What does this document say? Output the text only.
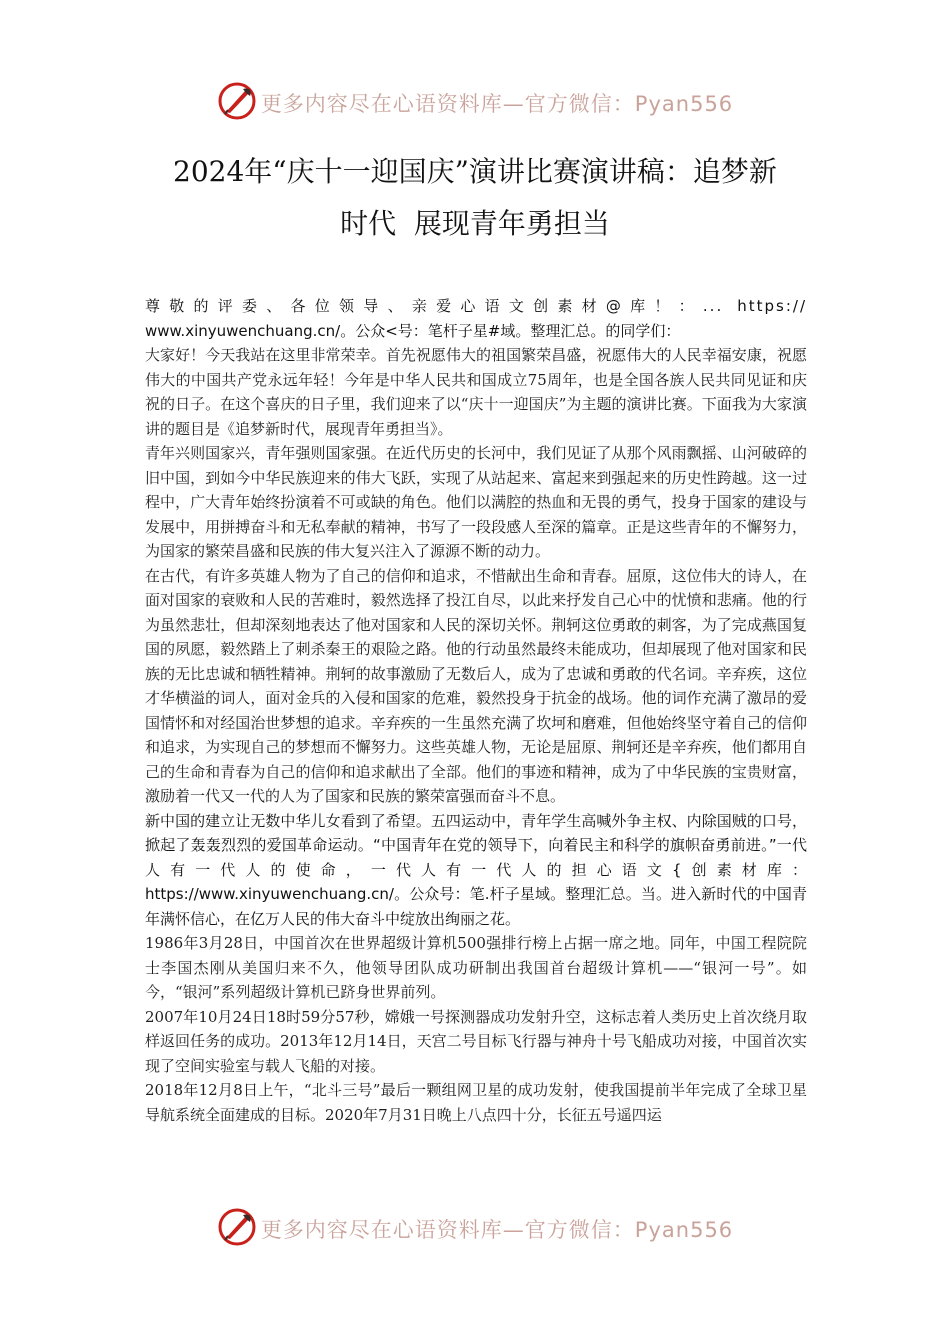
更多内容尽在心语资料库—官方微信：Pyan556
2024年“庆十一迎国庆”演讲比赛演讲稿：追梦新
时代  展现青年勇担当

尊敬的评委、各位领导、亲爱心语文创素材@库！：... https://

www.xinyuwenchuang.cn/。公众<号：笔杆子星#域。整理汇总。的同学们：

大家好！今天我站在这里非常荣幸。首先祝愿伟大的祖国繁荣昌盛，祝愿伟大的人民幸福安康，祝愿伟大的中国共产党永远年轻！今年是中华人民共和国成立75周年，也是全国各族人民共同见证和庆祝的日子。在这个喜庆的日子里，我们迎来了以“庆十一迎国庆”为主题的演讲比赛。下面我为大家演讲的题目是《追梦新时代，展现青年勇担当》。

青年兴则国家兴，青年强则国家强。在近代历史的长河中，我们见证了从那个风雨飘摇、山河破碎的旧中国，到如今中华民族迎来的伟大飞跃，实现了从站起来、富起来到强起来的历史性跨越。这一过程中，广大青年始终扮演着不可或缺的角色。他们以满腔的热血和无畏的勇气，投身于国家的建设与发展中，用拼搏奋斗和无私奉献的精神，书写了一段段感人至深的篇章。正是这些青年的不懈努力，为国家的繁荣昌盛和民族的伟大复兴注入了源源不断的动力。

在古代，有许多英雄人物为了自己的信仰和追求，不惜献出生命和青春。屈原，这位伟大的诗人，在面对国家的衰败和人民的苦难时，毅然选择了投江自尽，以此来抒发自己心中的忧愤和悲痛。他的行为虽然悲壮，但却深刻地表达了他对国家和人民的深切关怀。荆轲这位勇敢的刺客，为了完成燕国复国的夙愿，毅然踏上了刺杀秦王的艰险之路。他的行动虽然最终未能成功，但却展现了他对国家和民族的无比忠诚和牺牲精神。荆轲的故事激励了无数后人，成为了忠诚和勇敢的代名词。辛弃疾，这位才华横溢的词人，面对金兵的入侵和国家的危难，毅然投身于抗金的战场。他的词作充满了激昂的爱国情怀和对经国治世梦想的追求。辛弃疾的一生虽然充满了坎坷和磨难，但他始终坚守着自己的信仰和追求，为实现自己的梦想而不懈努力。这些英雄人物，无论是屈原、荆轲还是辛弃疾，他们都用自己的生命和青春为自己的信仰和追求献出了全部。他们的事迹和精神，成为了中华民族的宝贵财富，激励着一代又一代的人为了国家和民族的繁荣富强而奋斗不息。

新中国的建立让无数中华儿女看到了希望。五四运动中，青年学生高喊外争主权、内除国贼的口号，掀起了轰轰烈烈的爱国革命运动。“中国青年在党的领导下，向着民主和科学的旗帜奋勇前进。”一代人有一代人的使命，一代人有一代人的担心语文{创素材库：https://www.xinyuwenchuang.cn/。公众号：笔.杆子星域。整理汇总。当。进入新时代的中国青年满怀信心，在亿万人民的伟大奋斗中绽放出绚丽之花。

1986年3月28日，中国首次在世界超级计算机500强排行榜上占据一席之地。同年，中国工程院院士李国杰刚从美国归来不久，他领导团队成功研制出我国首台超级计算机——“银河一号”。如今，“银河”系列超级计算机已跻身世界前列。

2007年10月24日18时59分57秒，嫦娥一号探测器成功发射升空，这标志着人类历史上首次绕月取样返回任务的成功。2013年12月14日，天宫二号目标飞行器与神舟十号飞船成功对接，中国首次实现了空间实验室与载人飞船的对接。

2018年12月8日上午，“北斗三号”最后一颗组网卫星的成功发射，使我国提前半年完成了全球卫星导航系统全面建成的目标。2020年7月31日晚上八点四十分，长征五号遥四运

更多内容尽在心语资料库—官方微信：Pyan556
